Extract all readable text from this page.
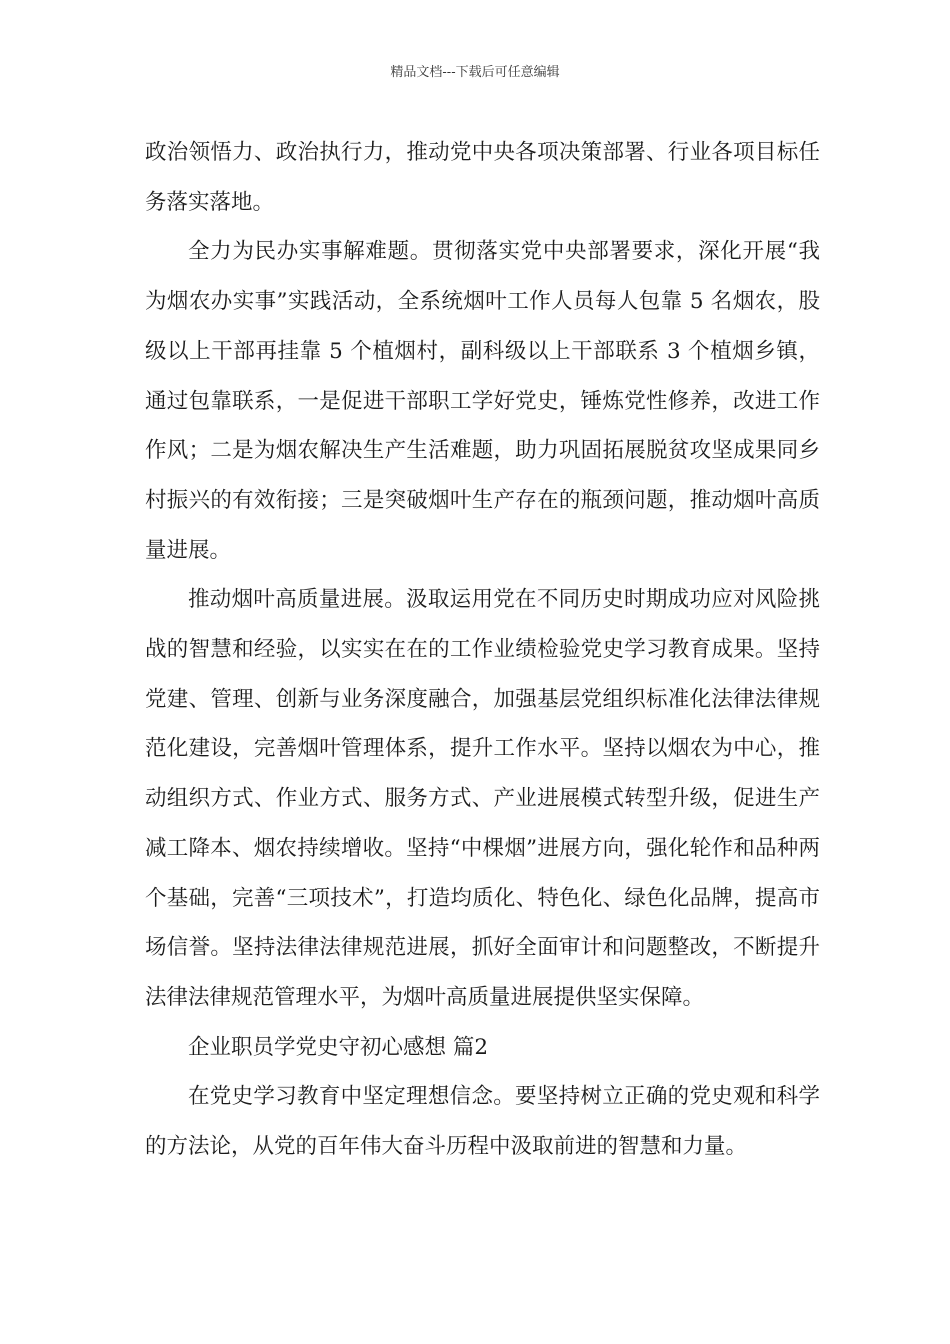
精品文档---下载后可任意编辑

政治领悟力、政治执行力，推动党中央各项决策部署、行业各项目标任务落实落地。

全力为民办实事解难题。贯彻落实党中央部署要求，深化开展“我为烟农办实事”实践活动，全系统烟叶工作人员每人包靠 5 名烟农，股级以上干部再挂靠 5 个植烟村，副科级以上干部联系 3 个植烟乡镇，通过包靠联系，一是促进干部职工学好党史，锤炼党性修养，改进工作作风；二是为烟农解决生产生活难题，助力巩固拓展脱贫攻坚成果同乡村振兴的有效衔接；三是突破烟叶生产存在的瓶颈问题，推动烟叶高质量进展。

推动烟叶高质量进展。汲取运用党在不同历史时期成功应对风险挑战的智慧和经验，以实实在在的工作业绩检验党史学习教育成果。坚持党建、管理、创新与业务深度融合，加强基层党组织标准化法律法律规范化建设，完善烟叶管理体系，提升工作水平。坚持以烟农为中心，推动组织方式、作业方式、服务方式、产业进展模式转型升级，促进生产减工降本、烟农持续增收。坚持“中棵烟”进展方向，强化轮作和品种两个基础，完善“三项技术”，打造均质化、特色化、绿色化品牌，提高市场信誉。坚持法律法律规范进展，抓好全面审计和问题整改，不断提升法律法律规范管理水平，为烟叶高质量进展提供坚实保障。

企业职员学党史守初心感想 篇2

在党史学习教育中坚定理想信念。要坚持树立正确的党史观和科学的方法论，从党的百年伟大奋斗历程中汲取前进的智慧和力量。
